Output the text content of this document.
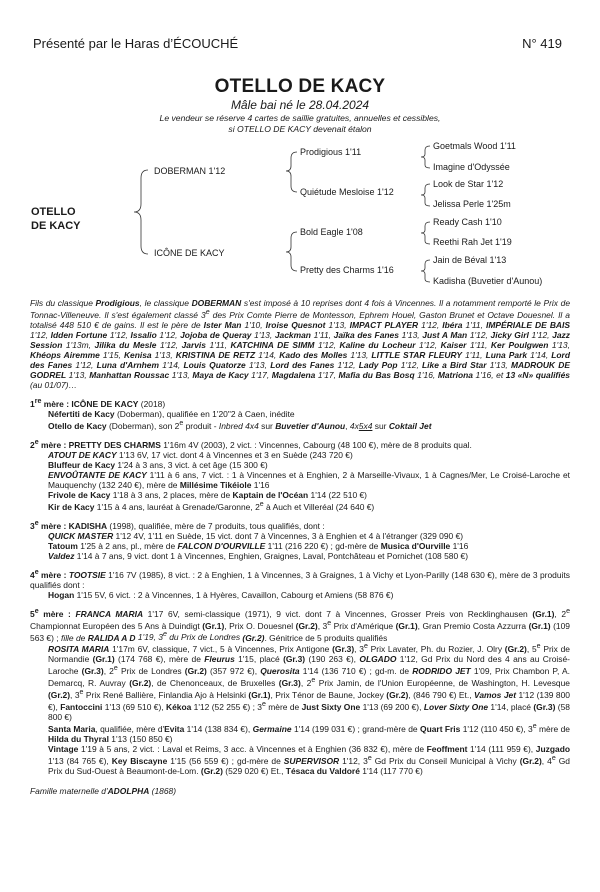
Présenté par le Haras d’ÉCOUCHÉ	N° 419
OTELLO DE KACY
Mâle bai né le 28.04.2024
Le vendeur se réserve 4 cartes de saillie gratuites, annuelles et cessibles,
si OTELLO DE KACY devenait étalon
OTELLO
DE KACY
DOBERMAN 1'12
ICÔNE DE KACY
Prodigious 1'11
Quiétude Mesloise 1'12
Bold Eagle 1'08
Pretty des Charms 1'16
Goetmals Wood 1'11
Imagine d'Odyssée
Look de Star 1'12
Jelissa Perle 1'25m
Ready Cash 1'10
Reethi Rah Jet 1'19
Jain de Béval 1'13
Kadisha (Buvetier d'Aunou)

Fils du classique Prodigious, le classique DOBERMAN s'est imposé à 10 reprises dont 4 fois à Vincennes. Il a notamment remporté le Prix de Tonnac-Villeneuve. Il s'est également classé 3e des Prix Comte Pierre de Montesson, Ephrem Houel, Gaston Brunet et Octave Douesnel. Il a totalisé 448 510 € de gains. Il est le père de Ister Man 1'10, Iroise Quesnot 1'13, IMPACT PLAYER 1'12, Ibéra 1'11, IMPÉRIALE DE BAIS 1'12, Idden Fortune 1'12, Issalio 1'12, Jojoba de Queray 1'13, Jackman 1'11, Jaïka des Fanes 1'13, Just A Man 1'12, Jicky Girl 1'12, Jazz Session 1'13m, Jilika du Mesle 1'12, Jarvis 1'11, KATCHINA DE SIMM 1'12, Kaline du Locheur 1'12, Kaiser 1'11, Ker Poulgwen 1'13, Khéops Airemme 1'15, Kenisa 1'13, KRISTINA DE RETZ 1'14, Kado des Molles 1'13, LITTLE STAR FLEURY 1'11, Luna Park 1'14, Lord des Fanes 1'12, Luna d'Arnhem 1'14, Louis Quatorze 1'13, Lord des Fanes 1'12, Lady Pop 1'12, Like a Bird Star 1'13, MADROUK DE GODREL 1'13, Manhattan Roussac 1'13, Maya de Kacy 1'17, Magdalena 1'17, Mafia du Bas Bosq 1'16, Matriona 1'16, et 13 «N» qualifiés (au 01/07)…

1re mère : ICÔNE DE KACY (2018)

Néfertiti de Kacy (Doberman), qualifiée en 1'20"2 à Caen, inédite

Otello de Kacy (Doberman), son 2e produit - Inbred 4x4 sur Buvetier d'Aunou, 4x5x4 sur Coktail Jet

2e mère : PRETTY DES CHARMS 1'16m 4V (2003), 2 vict. : Vincennes, Cabourg (48 100 €), mère de 8 produits qual.

ATOUT DE KACY 1'13 6V, 17 vict. dont 4 à Vincennes et 3 en Suède (243 720 €)

Bluffeur de Kacy 1'24 à 3 ans, 3 vict. à cet âge (15 300 €)

ENVOÛTANTE DE KACY 1'11 à 6 ans, 7 vict. : 1 à Vincennes et à Enghien, 2 à Marseille-Vivaux, 1 à Cagnes/Mer, Le Croisé-Laroche et Mauquenchy (132 240 €), mère de Millésime Tikéiole 1'16

Frivole de Kacy 1'18 à 3 ans, 2 places, mère de Kaptain de l'Océan 1'14 (22 510 €)

Kir de Kacy 1'15 à 4 ans, lauréat à Grenade/Garonne, 2e à Auch et Villeréal (24 640 €)

3e mère : KADISHA (1998), qualifiée, mère de 7 produits, tous qualifiés, dont :

QUICK MASTER 1'12 4V, 1'11 en Suède, 15 vict. dont 7 à Vincennes, 3 à Enghien et 4 à l'étranger (329 090 €)

Tatoum 1'25 à 2 ans, pl., mère de FALCON D'OURVILLE 1'11 (216 220 €) ; gd-mère de Musica d'Ourville 1'16

Valdez 1'14 à 7 ans, 9 vict. dont 1 à Vincennes, Enghien, Graignes, Laval, Pontchâteau et Pornichet (108 580 €)

4e mère : TOOTSIE 1'16 7V (1985), 8 vict. : 2 à Enghien, 1 à Vincennes, 3 à Graignes, 1 à Vichy et Lyon-Parilly (148 630 €), mère de 3 produits qualifiés dont :

Hogan 1'15 5V, 6 vict. : 2 à Vincennes, 1 à Hyères, Cavaillon, Cabourg et Amiens (58 876 €)

5e mère : FRANCA MARIA 1'17 6V, semi-classique (1971), 9 vict. dont 7 à Vincennes, Grosser Preis von Recklinghausen (Gr.1), 2e Championnat Européen des 5 Ans à Duindigt (Gr.1), Prix O. Douesnel (Gr.2), 3e Prix d'Amérique (Gr.1), Gran Premio Costa Azzurra (Gr.1) (109 563 €) ; fille de RALIDA A D 1'19, 3e du Prix de Londres (Gr.2). Génitrice de 5 produits qualifiés

ROSITA MARIA 1'17m 6V, classique, 7 vict., 5 à Vincennes, Prix Antigone (Gr.3), 3e Prix Lavater, Ph. du Rozier, J. Olry (Gr.2), 5e Prix de Normandie (Gr.1) (174 768 €), mère de Fleurus 1'15, placé (Gr.3) (190 263 €), OLGADO 1'12, Gd Prix du Nord des 4 ans au Croisé-Laroche (Gr.3), 2e Prix de Londres (Gr.2) (357 972 €), Querosita 1'14 (136 710 €) ; gd-m. de RODRIDO JET 1'09, Prix Chambon P, A. Demarcq, R. Auvray (Gr.2), de Chenonceaux, de Bruxelles (Gr.3), 2e Prix Jamin, de l'Union Européenne, de Washington, H. Levesque (Gr.2), 3e Prix René Ballière, Finlandia Ajo à Helsinki (Gr.1), Prix Ténor de Baune, Jockey (Gr.2), (846 790 €) Et., Vamos Jet 1'12 (139 800 €), Fantoccini 1'13 (69 510 €), Kékoa 1'12 (52 255 €) ; 3e mère de Just Sixty One 1'13 (69 200 €), Lover Sixty One 1'14, placé (Gr.3) (58 800 €)

Santa Maria, qualifiée, mère d'Evita 1'14 (138 834 €), Germaine 1'14 (199 031 €) ; grand-mère de Quart Fris 1'12 (110 450 €), 3e mère de Hilda du Thyral 1'13 (150 850 €)

Vintage 1'19 à 5 ans, 2 vict. : Laval et Reims, 3 acc. à Vincennes et à Enghien (36 832 €), mère de Feoffment 1'14 (111 959 €), Juzgado 1'13 (84 765 €), Key Biscayne 1'15 (56 559 €) ; gd-mère de SUPERVISOR 1'12, 3e Gd Prix du Conseil Municipal à Vichy (Gr.2), 4e Gd Prix du Sud-Ouest à Beaumont-de-Lom. (Gr.2) (529 020 €) Et., Tésaca du Valdoré 1'14 (117 770 €)

Famille maternelle d'ADOLPHA (1868)
